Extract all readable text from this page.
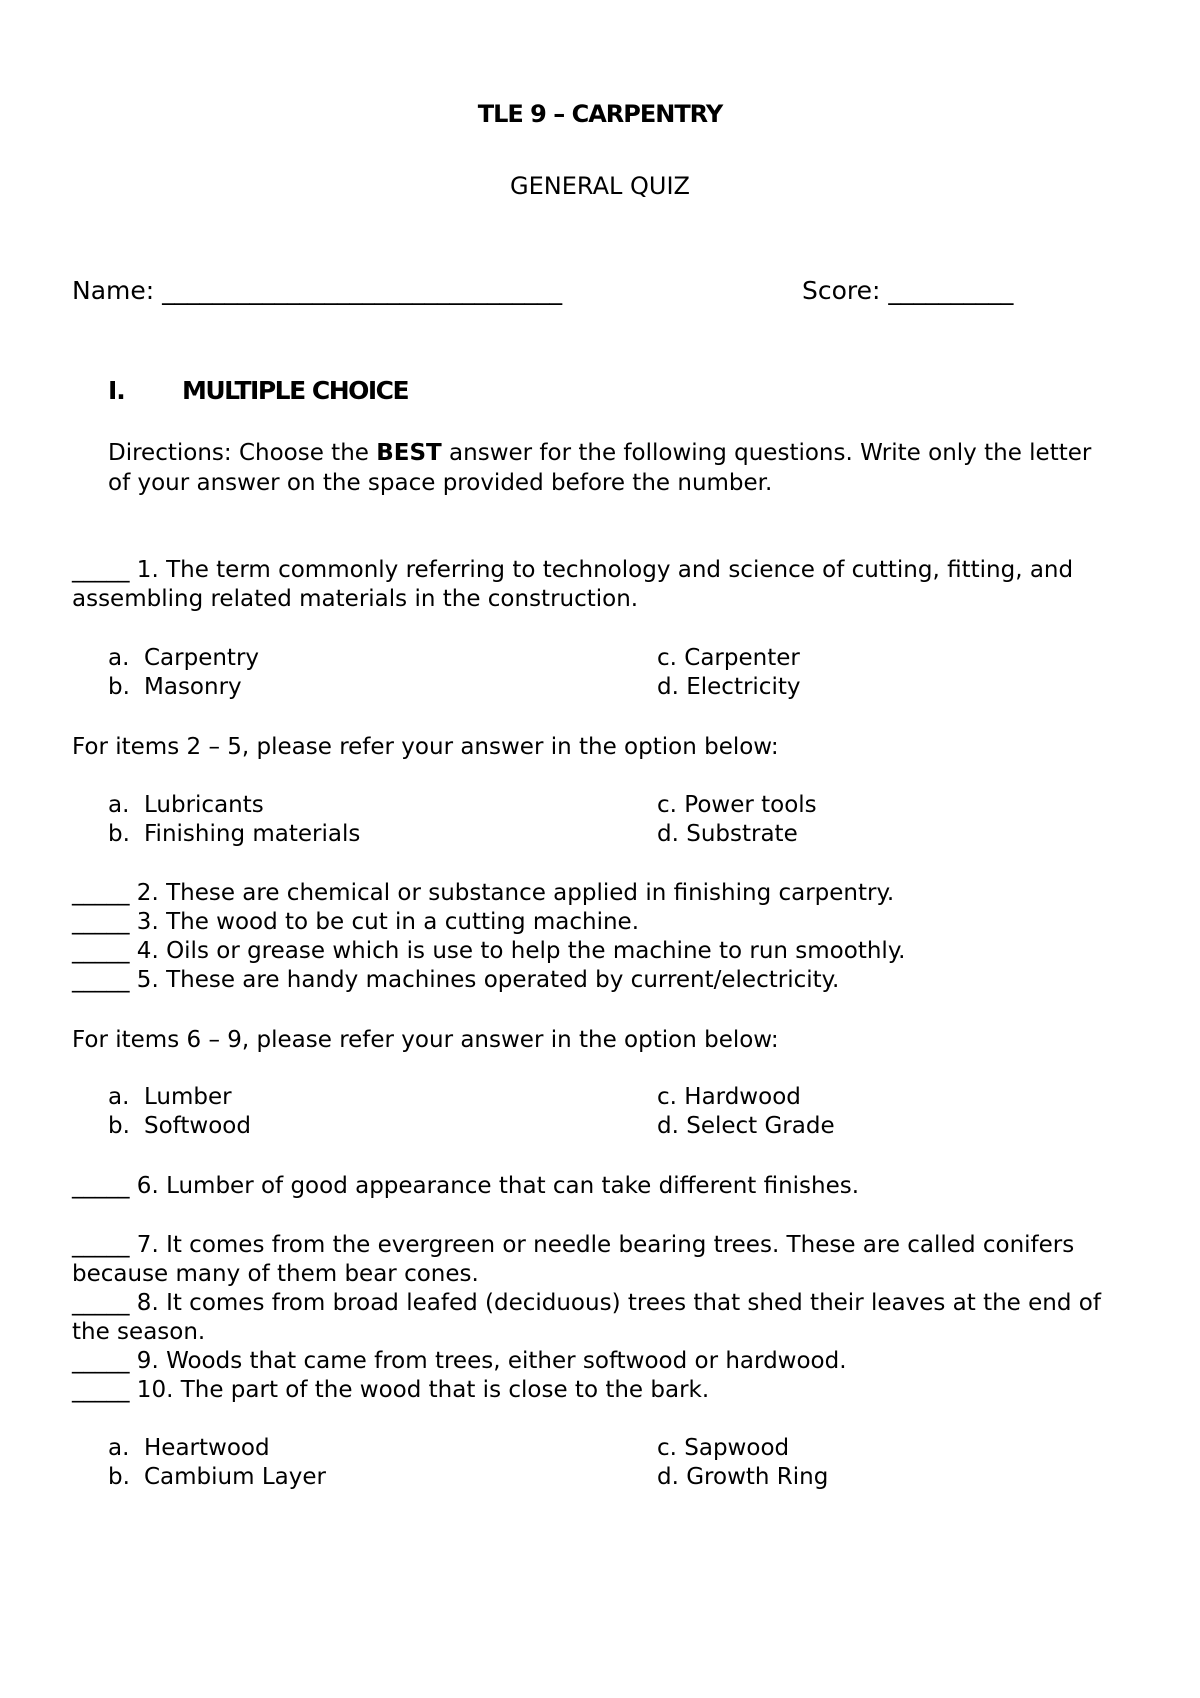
TLE 9 – CARPENTRY
GENERAL QUIZ
Name: ________________________________	Score: __________
I. MULTIPLE CHOICE
Directions: Choose the BEST answer for the following questions. Write only the letter of your answer on the space provided before the number.
_____ 1. The term commonly referring to technology and science of cutting, fitting, and assembling related materials in the construction.
a. Carpentry
b. Masonry
c. Carpenter
d. Electricity
For items 2 – 5, please refer your answer in the option below:
a. Lubricants
b. Finishing materials
c. Power tools
d. Substrate
_____ 2. These are chemical or substance applied in finishing carpentry.
_____ 3. The wood to be cut in a cutting machine.
_____ 4. Oils or grease which is use to help the machine to run smoothly.
_____ 5. These are handy machines operated by current/electricity.
For items 6 – 9, please refer your answer in the option below:
a. Lumber
b. Softwood
c. Hardwood
d. Select Grade
_____ 6. Lumber of good appearance that can take different finishes.
_____ 7. It comes from the evergreen or needle bearing trees. These are called conifers because many of them bear cones.
_____ 8. It comes from broad leafed (deciduous) trees that shed their leaves at the end of the season.
_____ 9. Woods that came from trees, either softwood or hardwood.
_____ 10. The part of the wood that is close to the bark.
a. Heartwood
b. Cambium Layer
c. Sapwood
d. Growth Ring
